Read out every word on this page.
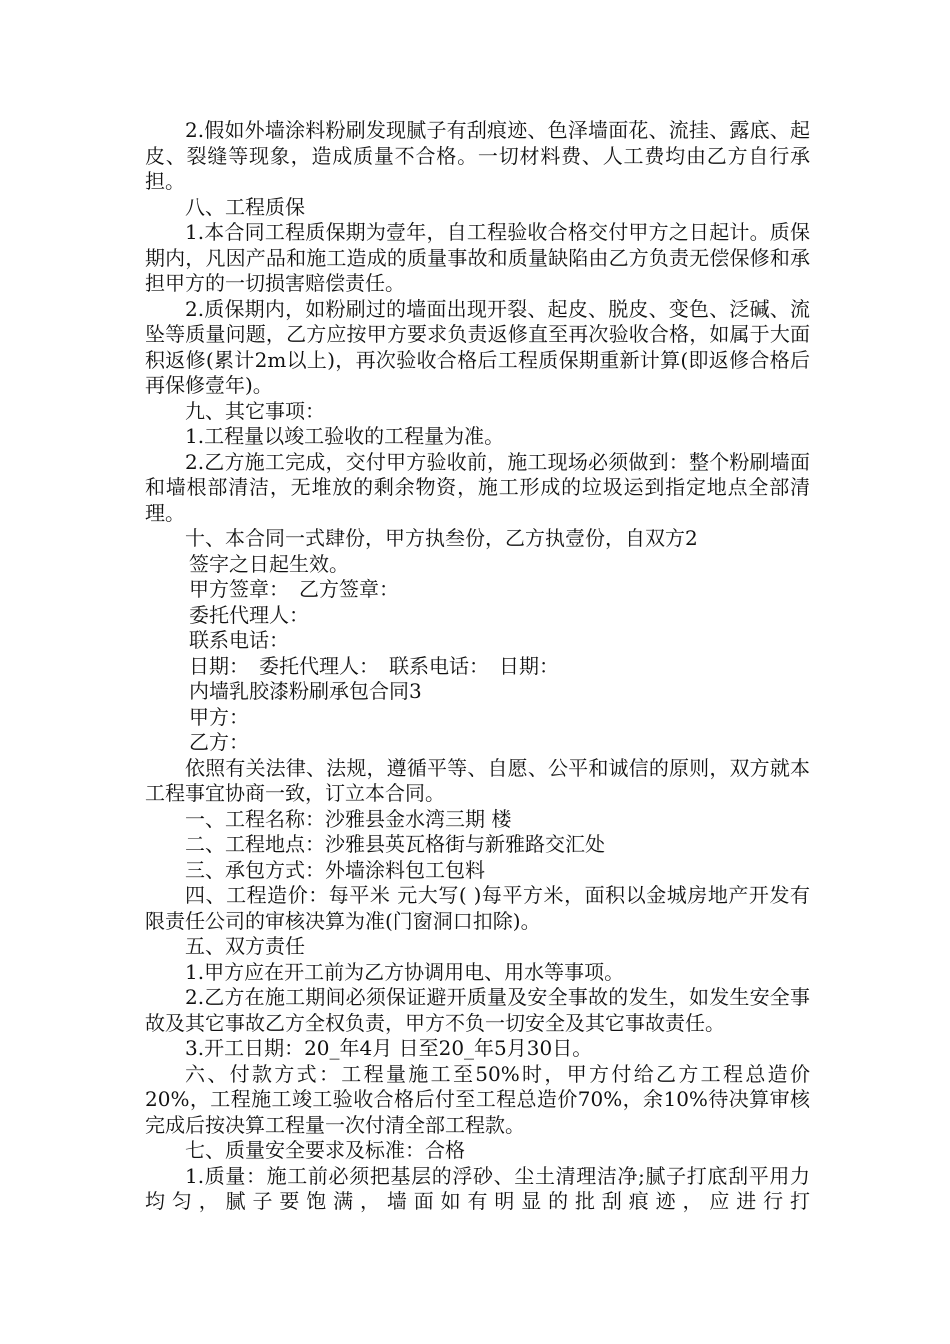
2.假如外墙涂料粉刷发现腻子有刮痕迹、色泽墙面花、流挂、露底、起皮、裂缝等现象，造成质量不合格。一切材料费、人工费均由乙方自行承担。

八、工程质保

1.本合同工程质保期为壹年，自工程验收合格交付甲方之日起计。质保期内，凡因产品和施工造成的质量事故和质量缺陷由乙方负责无偿保修和承担甲方的一切损害赔偿责任。

2.质保期内，如粉刷过的墙面出现开裂、起皮、脱皮、变色、泛碱、流坠等质量问题，乙方应按甲方要求负责返修直至再次验收合格，如属于大面积返修(累计2m以上)，再次验收合格后工程质保期重新计算(即返修合格后再保修壹年)。

九、其它事项：

1.工程量以竣工验收的工程量为准。

2.乙方施工完成，交付甲方验收前，施工现场必须做到：整个粉刷墙面和墙根部清洁，无堆放的剩余物资，施工形成的垃圾运到指定地点全部清理。

十、本合同一式肆份，甲方执叁份，乙方执壹份，自双方2

签字之日起生效。

甲方签章：　乙方签章：

委托代理人：

联系电话：

日期：　委托代理人：　联系电话：　日期：

内墙乳胶漆粉刷承包合同3

甲方：

乙方：

依照有关法律、法规，遵循平等、自愿、公平和诚信的原则，双方就本工程事宜协商一致，订立本合同。

一、工程名称：沙雅县金水湾三期 楼

二、工程地点：沙雅县英瓦格街与新雅路交汇处

三、承包方式：外墙涂料包工包料

四、工程造价：每平米 元大写( )每平方米，面积以金城房地产开发有限责任公司的审核决算为准(门窗洞口扣除)。

五、双方责任

1.甲方应在开工前为乙方协调用电、用水等事项。

2.乙方在施工期间必须保证避开质量及安全事故的发生，如发生安全事故及其它事故乙方全权负责，甲方不负一切安全及其它事故责任。

3.开工日期：20_年4月 日至20_年5月30日。

六、付款方式：工程量施工至50%时，甲方付给乙方工程总造价20%，工程施工竣工验收合格后付至工程总造价70%，余10%待决算审核完成后按决算工程量一次付清全部工程款。

七、质量安全要求及标准：合格

1.质量：施工前必须把基层的浮砂、尘土清理洁净;腻子打底刮平用力均匀，腻子要饱满，墙面如有明显的批刮痕迹，应进行打
